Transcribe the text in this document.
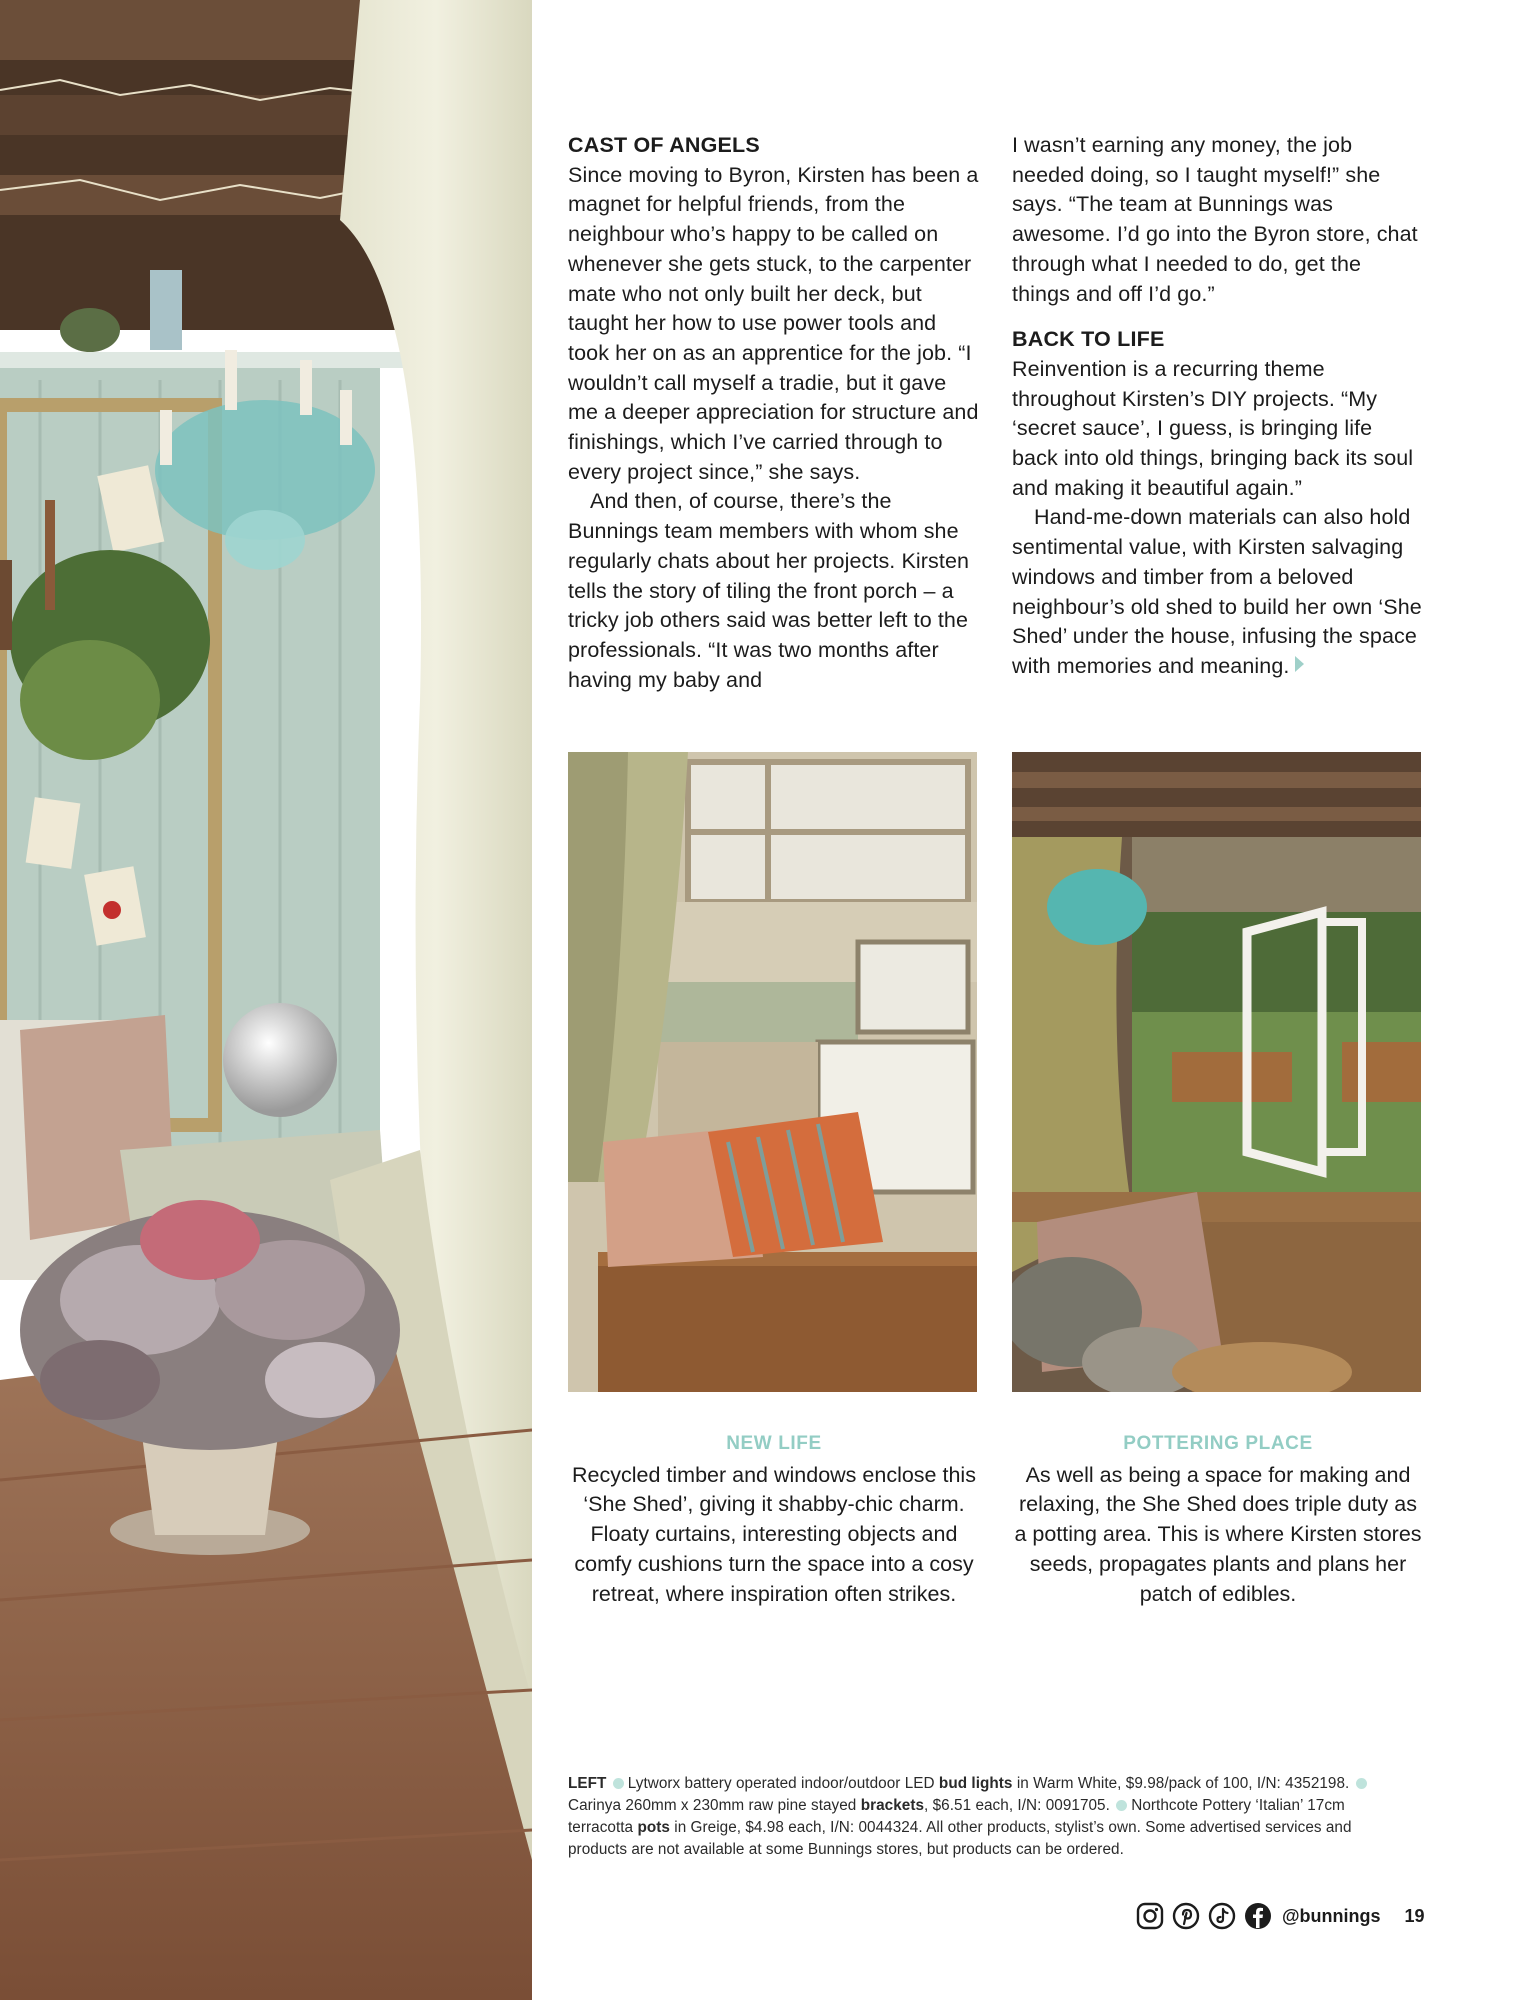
CAST OF ANGELS

Since moving to Byron, Kirsten has been a magnet for helpful friends, from the neighbour who’s happy to be called on whenever she gets stuck, to the carpenter mate who not only built her deck, but taught her how to use power tools and took her on as an apprentice for the job. “I wouldn’t call myself a tradie, but it gave me a deeper appreciation for structure and finishings, which I’ve carried through to every project since,” she says.

And then, of course, there’s the Bunnings team members with whom she regularly chats about her projects. Kirsten tells the story of tiling the front porch – a tricky job others said was better left to the professionals. “It was two months after having my baby and

I wasn’t earning any money, the job needed doing, so I taught myself!” she says. “The team at Bunnings was awesome. I’d go into the Byron store, chat through what I needed to do, get the things and off I’d go.”

BACK TO LIFE

Reinvention is a recurring theme throughout Kirsten’s DIY projects. “My ‘secret sauce’, I guess, is bringing life back into old things, bringing back its soul and making it beautiful again.”

Hand-me-down materials can also hold sentimental value, with Kirsten salvaging windows and timber from a beloved neighbour’s old shed to build her own ‘She Shed’ under the house, infusing the space with memories and meaning.

NEW LIFE

Recycled timber and windows enclose this ‘She Shed’, giving it shabby-chic charm. Floaty curtains, interesting objects and comfy cushions turn the space into a cosy retreat, where inspiration often strikes.

POTTERING PLACE

As well as being a space for making and relaxing, the She Shed does triple duty as a potting area. This is where Kirsten stores seeds, propagates plants and plans her patch of edibles.

LEFT Lytworx battery operated indoor/outdoor LED bud lights in Warm White, $9.98/pack of 100, I/N: 4352198. Carinya 260mm x 230mm raw pine stayed brackets, $6.51 each, I/N: 0091705. Northcote Pottery ‘Italian’ 17cm terracotta pots in Greige, $4.98 each, I/N: 0044324. All other products, stylist’s own. Some advertised services and products are not available at some Bunnings stores, but products can be ordered.
@bunnings 19
